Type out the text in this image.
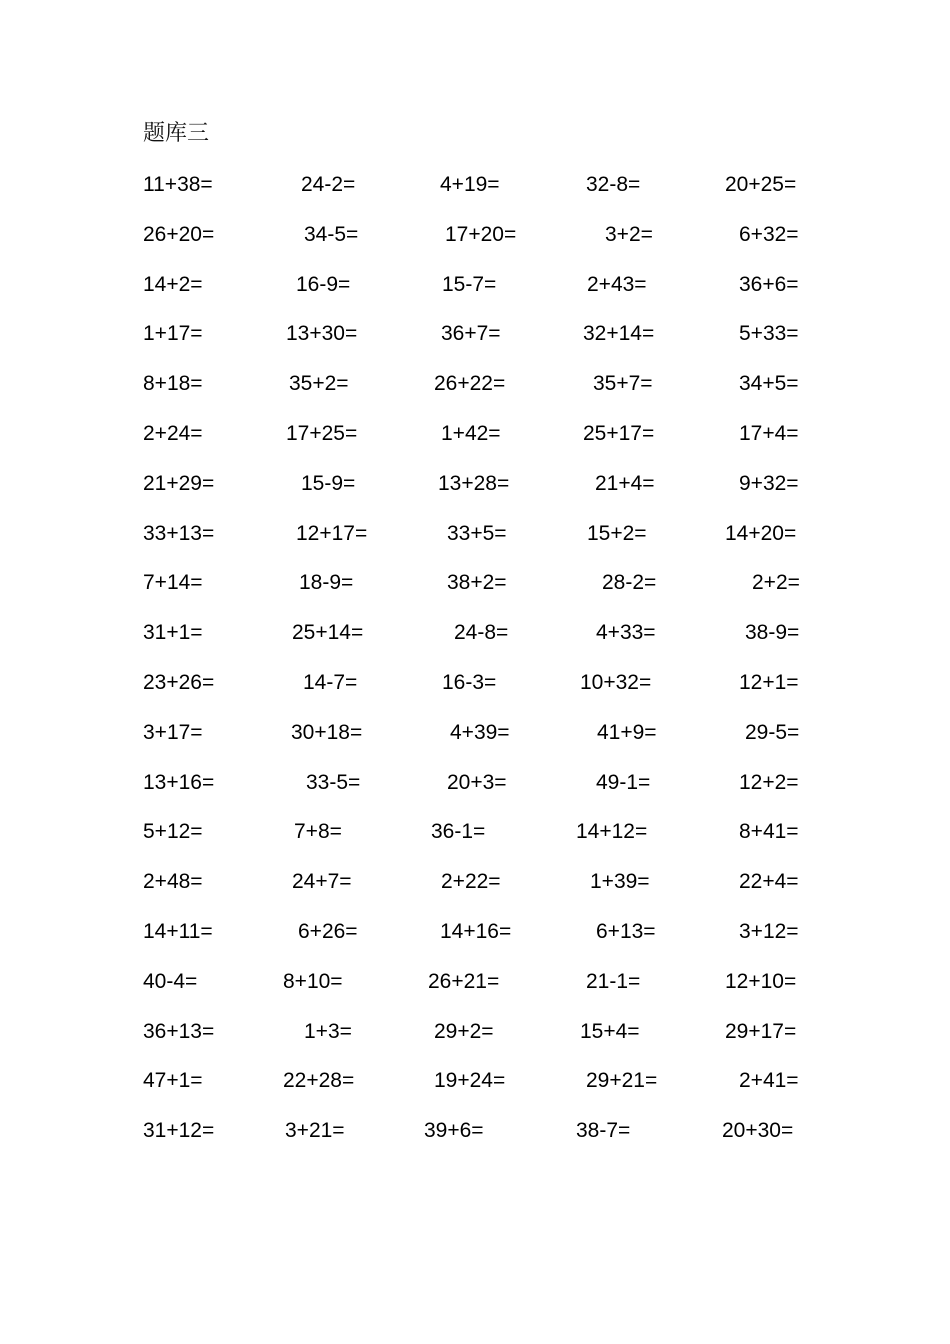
题库三
11+38=	24-2=	4+19=	32-8=	20+25=
26+20=	34-5=	17+20=	3+2=	6+32=
14+2=	16-9=	15-7=	2+43=	36+6=
1+17=	13+30=	36+7=	32+14=	5+33=
8+18=	35+2=	26+22=	35+7=	34+5=
2+24=	17+25=	1+42=	25+17=	17+4=
21+29=	15-9=	13+28=	21+4=	9+32=
33+13=	12+17=	33+5=	15+2=	14+20=
7+14=	18-9=	38+2=	28-2=	2+2=
31+1=	25+14=	24-8=	4+33=	38-9=
23+26=	14-7=	16-3=	10+32=	12+1=
3+17=	30+18=	4+39=	41+9=	29-5=
13+16=	33-5=	20+3=	49-1=	12+2=
5+12=	7+8=	36-1=	14+12=	8+41=
2+48=	24+7=	2+22=	1+39=	22+4=
14+11=	6+26=	14+16=	6+13=	3+12=
40-4=	8+10=	26+21=	21-1=	12+10=
36+13=	1+3=	29+2=	15+4=	29+17=
47+1=	22+28=	19+24=	29+21=	2+41=
31+12=	3+21=	39+6=	38-7=	20+30=
